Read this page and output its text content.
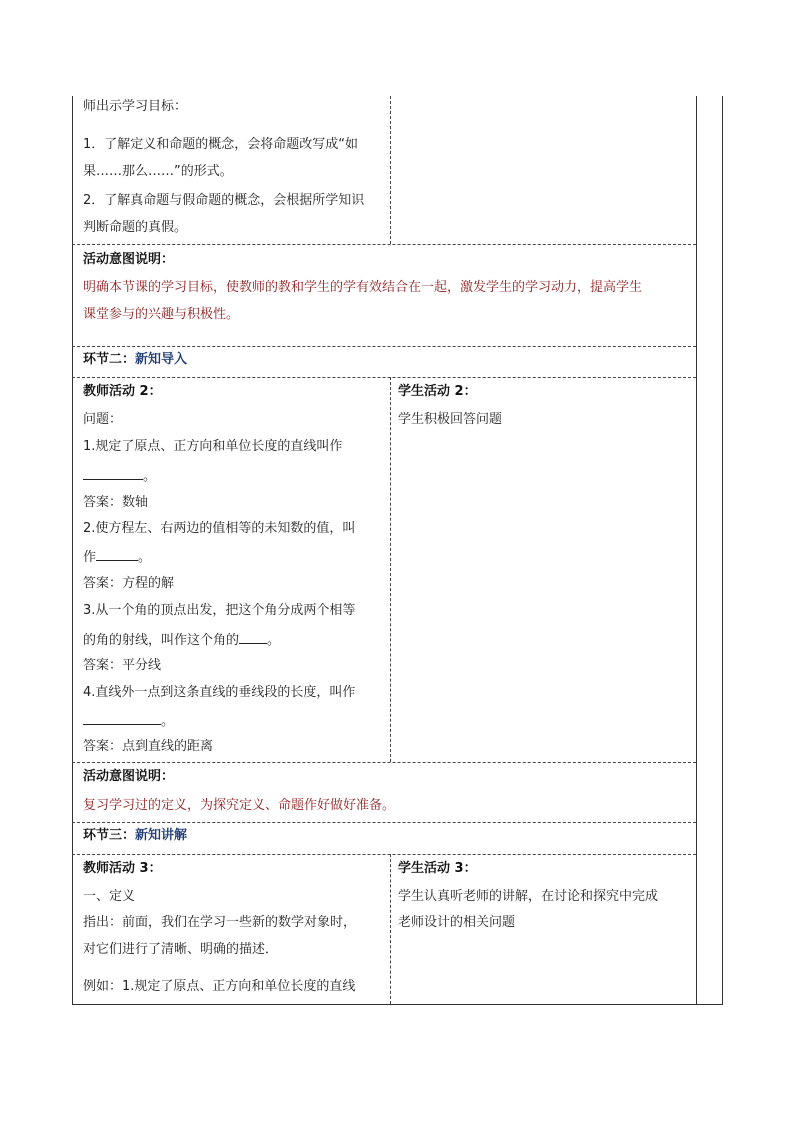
师出示学习目标：
1．了解定义和命题的概念，会将命题改写成“如
果……那么……”的形式。
2．了解真命题与假命题的概念，会根据所学知识
判断命题的真假。
活动意图说明：
明确本节课的学习目标，使教师的教和学生的学有效结合在一起，激发学生的学习动力，提高学生
课堂参与的兴趣与积极性。
环节二：新知导入
教师活动 2：
问题：
1.规定了原点、正方向和单位长度的直线叫作
。
答案：数轴
2.使方程左、右两边的值相等的未知数的值，叫
作	。
答案：方程的解
3.从一个角的顶点出发，把这个角分成两个相等
的角的射线，叫作这个角的 。
答案：平分线
4.直线外一点到这条直线的垂线段的长度，叫作
。
答案：点到直线的距离
学生活动 2：
学生积极回答问题
活动意图说明：
复习学习过的定义，为探究定义、命题作好做好准备。
环节三：新知讲解
教师活动 3：
一、定义
指出：前面，我们在学习一些新的数学对象时，
对它们进行了清晰、明确的描述．
例如：1.规定了原点、正方向和单位长度的直线
学生活动 3：
学生认真听老师的讲解，在讨论和探究中完成
老师设计的相关问题
